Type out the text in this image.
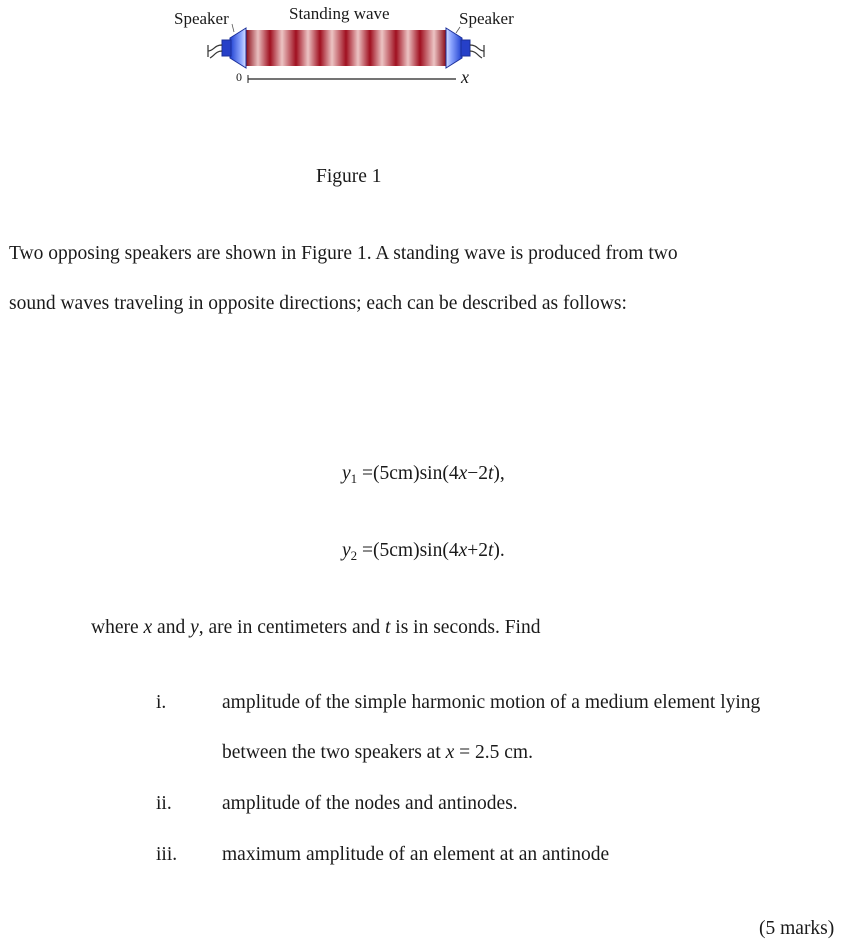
Speaker	Standing wave	Speaker
0	x
Figure 1
Two opposing speakers are shown in Figure 1. A standing wave is produced from two
sound waves traveling in opposite directions; each can be described as follows:
$y_1 =(5cm)\sin(4x-2t)$,
$y_2 =(5cm)\sin(4x+2t)$.
where x and y, are in centimeters and t is in seconds. Find
i.	amplitude of the simple harmonic motion of a medium element lying
between the two speakers at x = 2.5 cm.
ii.	amplitude of the nodes and antinodes.
iii. maximum amplitude of an element at an antinode
(5 marks)
